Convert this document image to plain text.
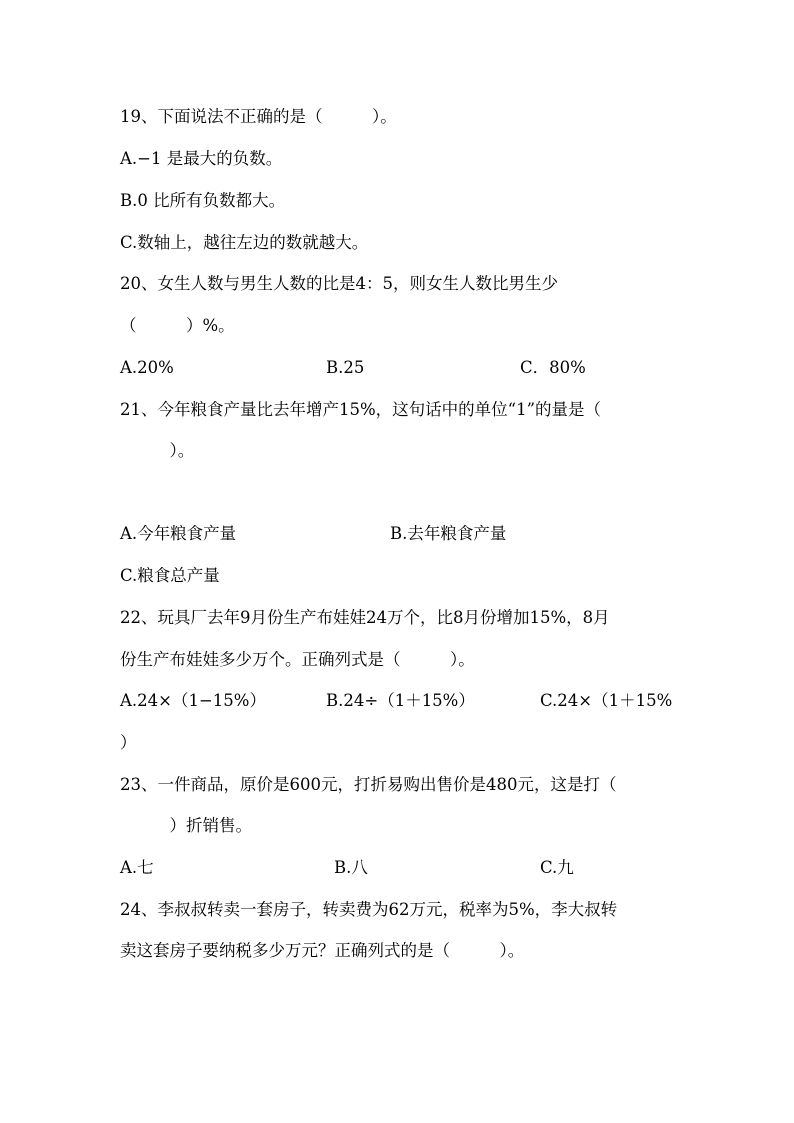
19、下面说法不正确的是（　　　）。
A.−1 是最大的负数。
B.0 比所有负数都大。
C.数轴上，越往左边的数就越大。
20、女生人数与男生人数的比是4：5，则女生人数比男生少
（　　　）%。
A.20%	B.25	C．80%
21、今年粮食产量比去年增产15%，这句话中的单位“1”的量是（
　　　）。
A.今年粮食产量	B.去年粮食产量
C.粮食总产量
22、玩具厂去年9月份生产布娃娃24万个，比8月份增加15%，8月
份生产布娃娃多少万个。正确列式是（　　　）。
A.24×（1−15%）	B.24÷（1＋15%）	C.24×（1＋15%
）
23、一件商品，原价是600元，打折易购出售价是480元，这是打（
　　　）折销售。
A.七	B.八	C.九
24、李叔叔转卖一套房子，转卖费为62万元，税率为5%，李大叔转
卖这套房子要纳税多少万元？正确列式的是（　　　）。
